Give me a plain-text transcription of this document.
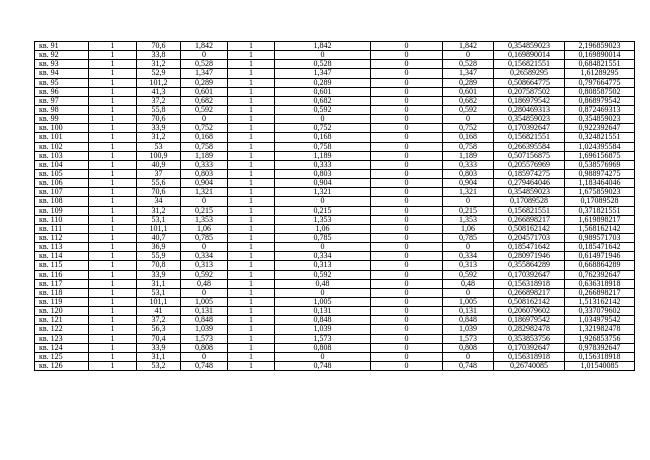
кв. 91	1	70,6	1,842	1	1,842	0	1,842	0,354859023	2,196859023
кв. 92	1	33,8	0	1	0	0	0	0,169890014	0,169890014
кв. 93	1	31,2	0,528	1	0,528	0	0,528	0,156821551	0,684821551
кв. 94	1	52,9	1,347	1	1,347	0	1,347	0,26589295	1,61289295
кв. 95	1	101,2	0,289	1	0,289	0	0,289	0,508664775	0,797664775
кв. 96	1	41,3	0,601	1	0,601	0	0,601	0,207587502	0,808587502
кв. 97	1	37,2	0,682	1	0,682	0	0,682	0,186979542	0,868979542
кв. 98	1	55,8	0,592	1	0,592	0	0,592	0,280469313	0,872469313
кв. 99	1	70,6	0	1	0	0	0	0,354859023	0,354859023
кв. 100	1	33,9	0,752	1	0,752	0	0,752	0,170392647	0,922392647
кв. 101	1	31,2	0,168	1	0,168	0	0,168	0,156821551	0,324821551
кв. 102	1	53	0,758	1	0,758	0	0,758	0,266395584	1,024395584
кв. 103	1	100,9	1,189	1	1,189	0	1,189	0,507156875	1,696156875
кв. 104	1	40,9	0,333	1	0,333	0	0,333	0,205576969	0,538576969
кв. 105	1	37	0,803	1	0,803	0	0,803	0,185974275	0,988974275
кв. 106	1	55,6	0,904	1	0,904	0	0,904	0,279464046	1,183464046
кв. 107	1	70,6	1,321	1	1,321	0	1,321	0,354859023	1,675859023
кв. 108	1	34	0	1	0	0	0	0,17089528	0,17089528
кв. 109	1	31,2	0,215	1	0,215	0	0,215	0,156821551	0,371821551
кв. 110	1	53,1	1,353	1	1,353	0	1,353	0,266898217	1,619898217
кв. 111	1	101,1	1,06	1	1,06	0	1,06	0,508162142	1,568162142
кв. 112	1	40,7	0,785	1	0,785	0	0,785	0,204571703	0,989571703
кв. 113	1	36,9	0	1	0	0	0	0,185471642	0,185471642
кв. 114	1	55,9	0,334	1	0,334	0	0,334	0,280971946	0,614971946
кв. 115	1	70,8	0,313	1	0,313	0	0,313	0,355864289	0,668864289
кв. 116	1	33,9	0,592	1	0,592	0	0,592	0,170392647	0,762392647
кв. 117	1	31,1	0,48	1	0,48	0	0,48	0,156318918	0,636318918
кв. 118	1	53,1	0	1	0	0	0	0,266898217	0,266898217
кв. 119	1	101,1	1,005	1	1,005	0	1,005	0,508162142	1,513162142
кв. 120	1	41	0,131	1	0,131	0	0,131	0,206079602	0,337079602
кв. 121	1	37,2	0,848	1	0,848	0	0,848	0,186979542	1,034979542
кв. 122	1	56,3	1,039	1	1,039	0	1,039	0,282982478	1,321982478
кв. 123	1	70,4	1,573	1	1,573	0	1,573	0,353853756	1,926853756
кв. 124	1	33,9	0,808	1	0,808	0	0,808	0,170392647	0,978392647
кв. 125	1	31,1	0	1	0	0	0	0,156318918	0,156318918
кв. 126	1	53,2	0,748	1	0,748	0	0,748	0,26740085	1,01540085
